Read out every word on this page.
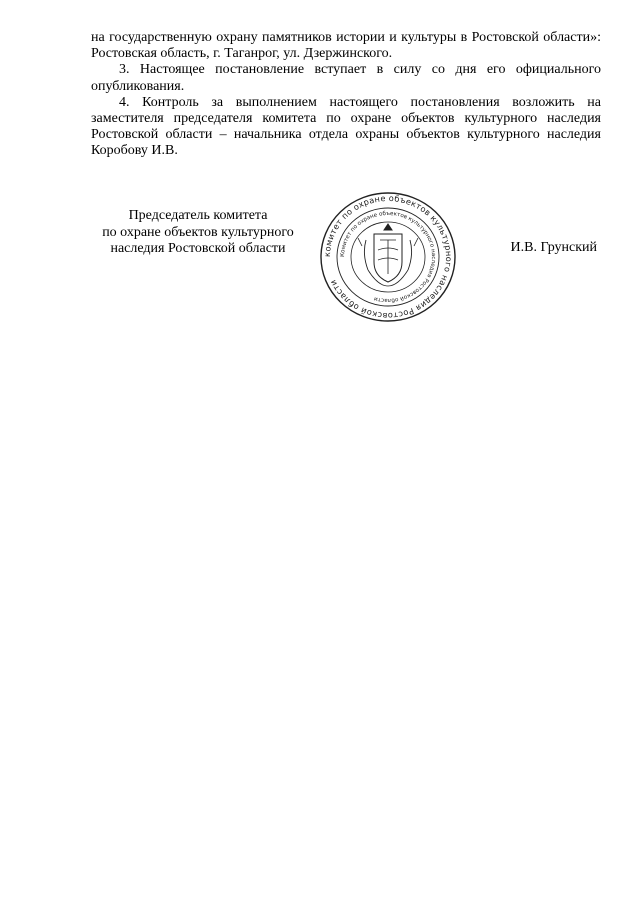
на государственную охрану памятников истории и культуры в Ростовской области»: Ростовская область, г. Таганрог, ул. Дзержинского.

3. Настоящее постановление вступает в силу со дня его официального опубликования.

4. Контроль за выполнением настоящего постановления возложить на заместителя председателя комитета по охране объектов культурного наследия Ростовской области – начальника отдела охраны объектов культурного наследия Коробову И.В.

Председатель комитета
по охране объектов культурного
наследия Ростовской области	комитет по охране объектов культурного наследия Ростовской области
Комитет по охране объектов культурного наследия Ростовской области
И.В. Грунский
